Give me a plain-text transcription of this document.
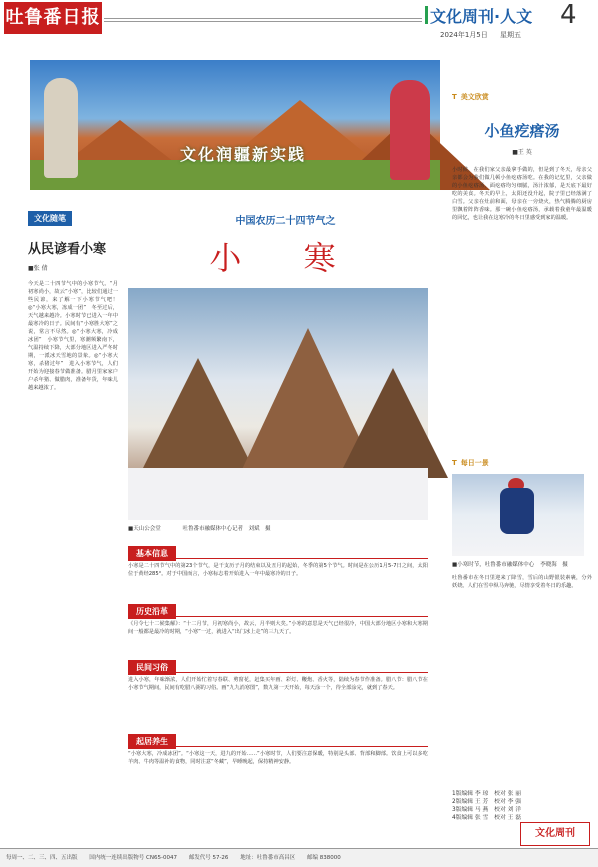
吐鲁番日报	文化周刊·人文 4
2024年1月5日 星期五
文化润疆新实践
文化随笔
从民谚看小寒
■张 倩
今天是二十四节气中的小寒节气。“月初寒尚小，故云”小寒”，比较们通过一些民谚，来了解一下小寒节气吧！　◎“小寒大寒，冻成一团”　冬至过后，天气越来越冷。小寒时节已进入一年中最寒冷的日子。民间有“小寒胜大寒”之说，常言不尽然。◎“小寒大寒，冷成冰团”　小寒节气里，寒潮频繁南下，气温持续下降，大部分地区进入严冬时期，一派冰天雪地的景象。◎“小寒大寒，杀猪过年”　进入小寒节气，人们开始为迎接春节做准备。腊月里家家户户杀年猪、做腊肉，准备年货，年味儿越来越浓了。
中国农历二十四节气之
小 寒
■天山公会堂	吐鲁番市融媒体中心记者　刘斌　摄
基本信息
小寒是二十四节气中的第23个节气，是干支历子月的结束以及丑月的起始，冬季的第5个节气。时间是在公历1月5-7日之间，太阳位于黄经285°。对于中国而言，小寒标志着开始进入一年中最寒冷的日子。
历史沿革
《月令七十二候集解》：“十二月节，月初寒尚小，故云，月半则大矣。”小寒的意思是天气已经很冷，中国大部分地区小寒和大寒期间一般都是最冷的时期，“小寒”一过，就进入“出门冰上走”的三九天了。
民间习俗
进入小寒，年味渐浓，人们开始忙着写春联、剪窗花，赶集买年画、彩灯、鞭炮、香火等，陆续为春节作准备。腊八节：腊八节在小寒节气期间，民间有吃腊八粥的习俗。画“九九消寒图”，数九第一天开始，每天涂一个，待全部涂完，就到了春天。
起居养生
“小寒大寒，冷成冰团”。“小寒这一天，进九的开始……”小寒时节，人们要注意保暖，特别是头部、背部和脚部。饮食上可以多吃羊肉、牛肉等温补的食物，同时注意“冬藏”，早睡晚起，保持精神安静。
T 美文欣赏
小鱼疙瘩汤
■王 英
小时候，在我们家父亲最拿手做的，但是到了冬天，母亲父亲都会为我们做几顿小鱼疙瘩汤吃。在我的记忆里，父亲做的小鱼疙瘩汤，面疙瘩均匀细腻，汤汁浓郁，是天底下最好吃的美食。冬天的早上，太阳还没升起，院子里已经落满了白雪。父亲在灶前和面，母亲在一旁烧火，热气腾腾的厨房里飘着阵阵香味。那一碗小鱼疙瘩汤，承载着我童年最温暖的回忆，也让我在这寒冷的冬日里感受到家的温暖。
T 每日一景
■小寒时节，吐鲁番市融媒体中心 李晓海　摄
吐鲁番市在冬日里迎来了降雪，雪后的山野银装素裹，分外妖娆。人们在雪中纵马奔驰，尽情享受着冬日的乐趣。
1版编辑 李 琼　校对 张 丽
2版编辑 王 芳　校对 李 强
3版编辑 马 燕　校对 刘 洋
4版编辑 张 雪　校对 王 磊
文化周刊
每周一、二、三、四、五出版 国内统一连续出版物号 CN65-0047 邮发代号 57-26 地址：吐鲁番市高昌区 邮编 838000
